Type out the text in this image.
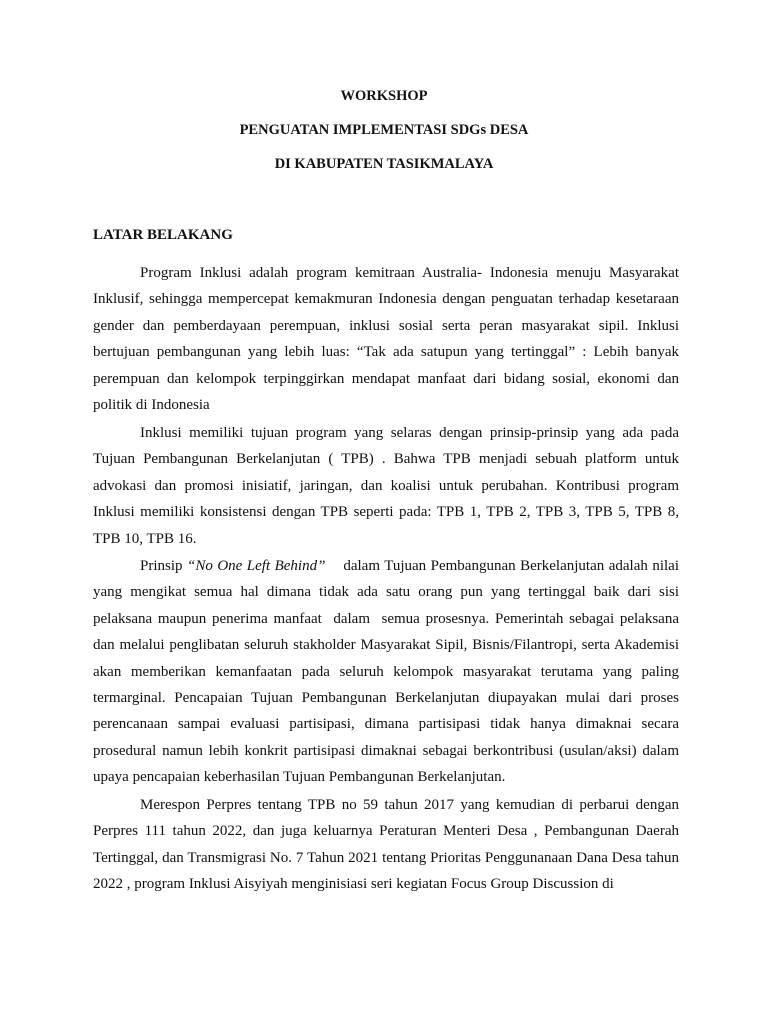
WORKSHOP
PENGUATAN IMPLEMENTASI SDGs DESA
DI KABUPATEN TASIKMALAYA
LATAR BELAKANG

Program Inklusi adalah program kemitraan Australia- Indonesia menuju Masyarakat Inklusif, sehingga mempercepat kemakmuran Indonesia dengan penguatan terhadap kesetaraan gender dan pemberdayaan perempuan, inklusi sosial serta peran masyarakat sipil. Inklusi bertujuan pembangunan yang lebih luas: “Tak ada satupun yang tertinggal” : Lebih banyak perempuan dan kelompok terpinggirkan mendapat manfaat dari bidang sosial, ekonomi dan politik di Indonesia

Inklusi memiliki tujuan program yang selaras dengan prinsip-prinsip yang ada pada Tujuan Pembangunan Berkelanjutan ( TPB) . Bahwa TPB menjadi sebuah platform untuk advokasi dan promosi inisiatif, jaringan, dan koalisi untuk perubahan. Kontribusi program Inklusi memiliki konsistensi dengan TPB seperti pada: TPB 1, TPB 2, TPB 3, TPB 5, TPB 8, TPB 10, TPB 16.

Prinsip “No One Left Behind”    dalam Tujuan Pembangunan Berkelanjutan adalah nilai yang mengikat semua hal dimana tidak ada satu orang pun yang tertinggal baik dari sisi pelaksana maupun penerima manfaat  dalam  semua prosesnya. Pemerintah sebagai pelaksana dan melalui penglibatan seluruh stakholder Masyarakat Sipil, Bisnis/Filantropi, serta Akademisi akan memberikan kemanfaatan pada seluruh kelompok masyarakat terutama yang paling termarginal. Pencapaian Tujuan Pembangunan Berkelanjutan diupayakan mulai dari proses perencanaan sampai evaluasi partisipasi, dimana partisipasi tidak hanya dimaknai secara prosedural namun lebih konkrit partisipasi dimaknai sebagai berkontribusi (usulan/aksi) dalam upaya pencapaian keberhasilan Tujuan Pembangunan Berkelanjutan.

Merespon Perpres tentang TPB no 59 tahun 2017 yang kemudian di perbarui dengan Perpres 111 tahun 2022, dan juga keluarnya Peraturan Menteri Desa , Pembangunan Daerah Tertinggal, dan Transmigrasi No. 7 Tahun 2021 tentang Prioritas Penggunanaan Dana Desa tahun 2022 , program Inklusi Aisyiyah menginisiasi seri kegiatan Focus Group Discussion di
